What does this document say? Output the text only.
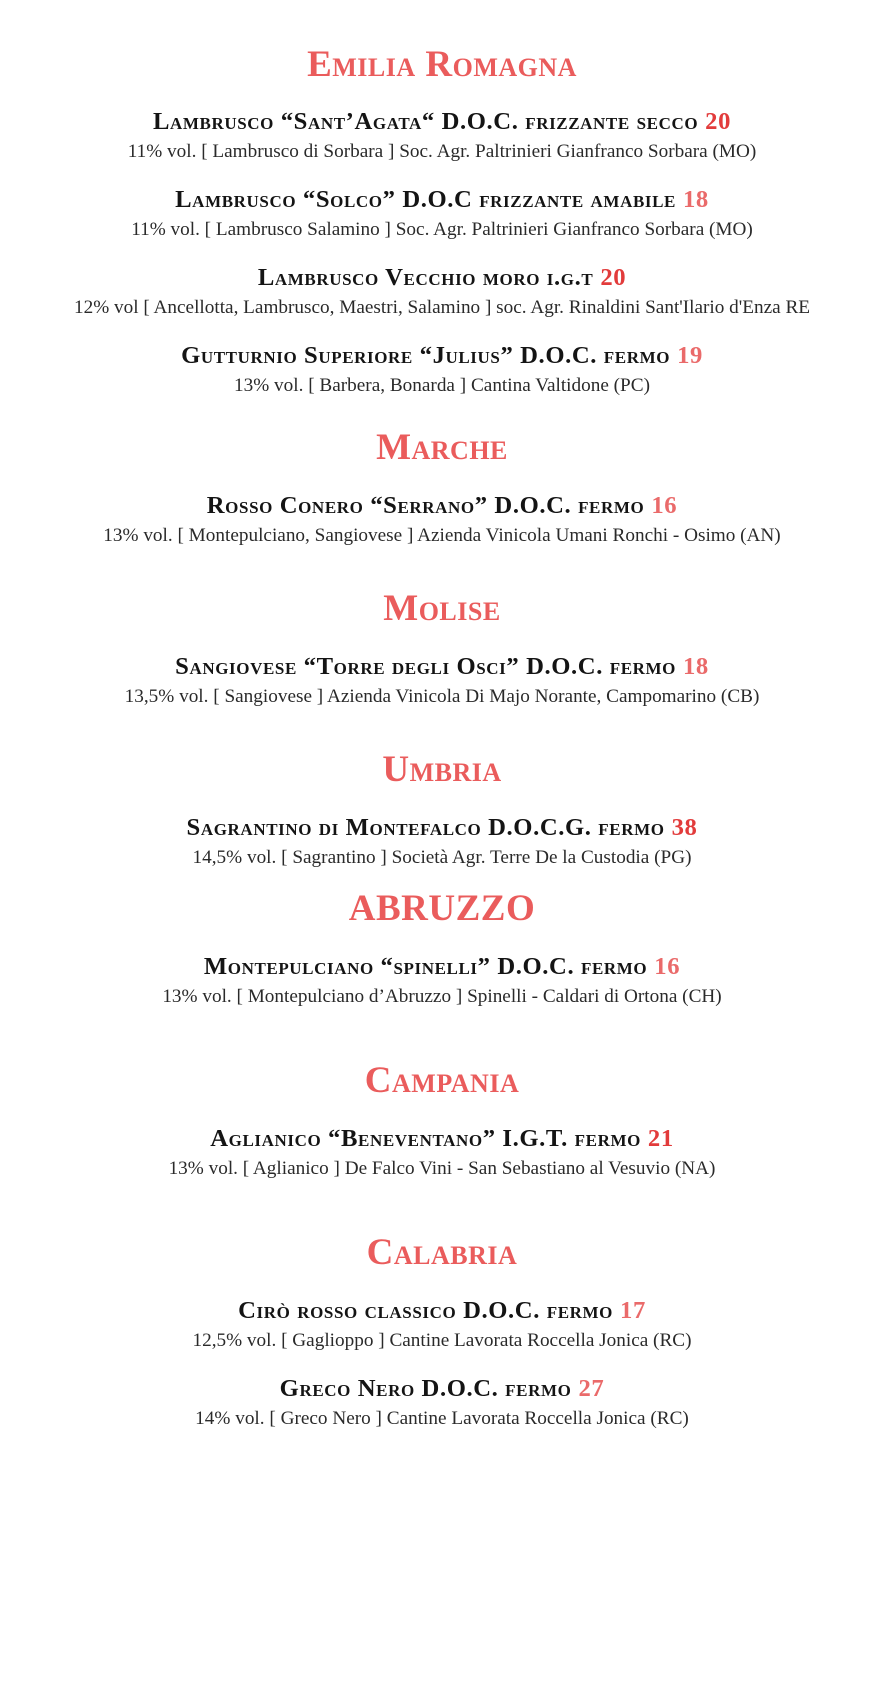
Emilia Romagna
Lambrusco “Sant’Agata“ D.O.C. frizzante secco 20
11% vol. [ Lambrusco di Sorbara ] Soc. Agr. Paltrinieri Gianfranco Sorbara (MO)
Lambrusco “Solco” D.O.C frizzante amabile 18
11% vol. [ Lambrusco Salamino ] Soc. Agr. Paltrinieri Gianfranco Sorbara (MO)
Lambrusco Vecchio moro i.g.t 20
12% vol [ Ancellotta, Lambrusco, Maestri, Salamino ] soc. Agr. Rinaldini Sant'Ilario d'Enza RE
Gutturnio Superiore “Julius” D.O.C. fermo 19
13% vol. [ Barbera, Bonarda ] Cantina Valtidone (PC)
Marche
Rosso Conero “Serrano” D.O.C. fermo 16
13% vol. [ Montepulciano, Sangiovese ] Azienda Vinicola Umani Ronchi - Osimo (AN)
Molise
Sangiovese “Torre degli Osci” D.O.C. fermo 18
13,5% vol. [ Sangiovese ] Azienda Vinicola Di Majo Norante, Campomarino (CB)
Umbria
Sagrantino di Montefalco D.O.C.G. fermo 38
14,5% vol. [ Sagrantino ] Società Agr. Terre De la Custodia (PG)
ABRUZZO
Montepulciano “spinelli” D.O.C. fermo 16
13% vol. [ Montepulciano d’Abruzzo ] Spinelli - Caldari di Ortona (CH)
Campania
Aglianico “Beneventano” I.G.T. fermo 21
13% vol. [ Aglianico ] De Falco Vini - San Sebastiano al Vesuvio (NA)
Calabria
Cirò rosso classico D.O.C. fermo 17
12,5% vol. [ Gaglioppo ] Cantine Lavorata Roccella Jonica (RC)
Greco Nero D.O.C. fermo 27
14% vol. [ Greco Nero ] Cantine Lavorata Roccella Jonica (RC)
